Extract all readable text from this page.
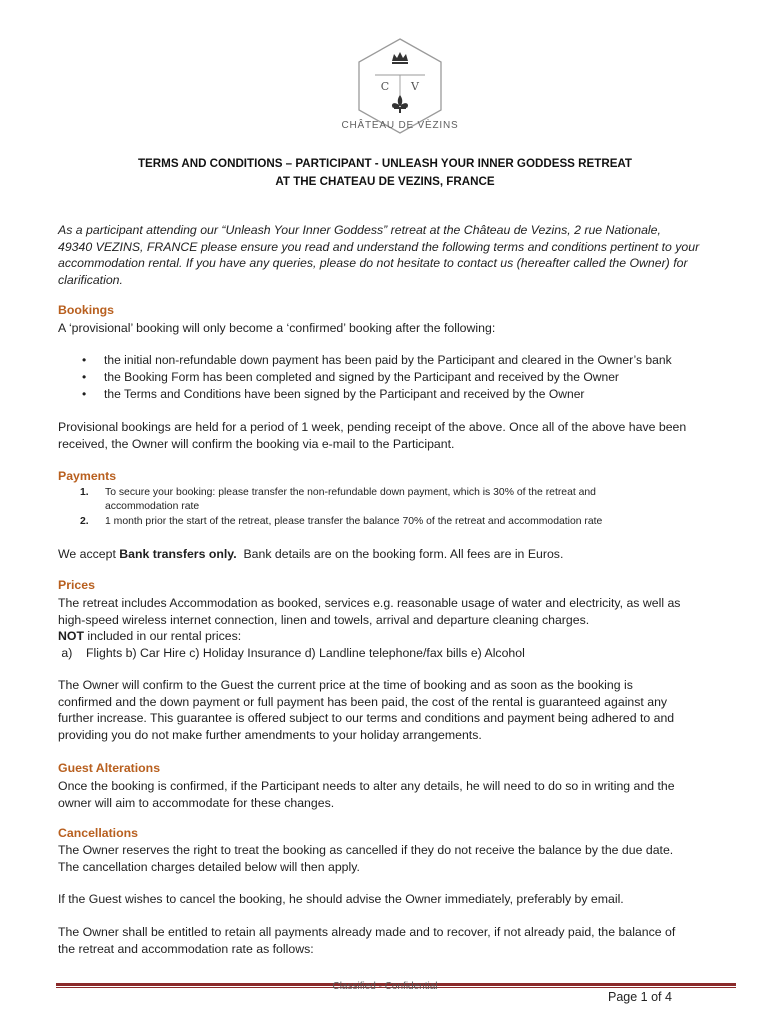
C V
CHÂTEAU DE VÈZINS
TERMS AND CONDITIONS – PARTICIPANT - UNLEASH YOUR INNER GODDESS RETREAT
AT THE CHATEAU DE VEZINS, FRANCE
As a participant attending our “Unleash Your Inner Goddess” retreat at the Château de Vezins, 2 rue Nationale,
49340 VEZINS, FRANCE please ensure you read and understand the following terms and conditions pertinent to your
accommodation rental. If you have any queries, please do not hesitate to contact us (hereafter called the Owner) for
clarification.
Bookings
A ‘provisional’ booking will only become a ‘confirmed’ booking after the following:
• the initial non-refundable down payment has been paid by the Participant and cleared in the Owner’s bank
• the Booking Form has been completed and signed by the Participant and received by the Owner
• the Terms and Conditions have been signed by the Participant and received by the Owner
Provisional bookings are held for a period of 1 week, pending receipt of the above. Once all of the above have been
received, the Owner will confirm the booking via e-mail to the Participant.
Payments
1.	To secure your booking: please transfer the non-refundable down payment, which is 30% of the retreat and
accommodation rate
2.	1 month prior the start of the retreat, please transfer the balance 70% of the retreat and accommodation rate
We accept Bank transfers only.  Bank details are on the booking form. All fees are in Euros.
Prices
The retreat includes Accommodation as booked, services e.g. reasonable usage of water and electricity, as well as
high-speed wireless internet connection, linen and towels, arrival and departure cleaning charges.
NOT included in our rental prices:
a)    Flights b) Car Hire c) Holiday Insurance d) Landline telephone/fax bills e) Alcohol
The Owner will confirm to the Guest the current price at the time of booking and as soon as the booking is
confirmed and the down payment or full payment has been paid, the cost of the rental is guaranteed against any
further increase. This guarantee is offered subject to our terms and conditions and payment being adhered to and
providing you do not make further amendments to your holiday arrangements.
Guest Alterations
Once the booking is confirmed, if the Participant needs to alter any details, he will need to do so in writing and the
owner will aim to accommodate for these changes.
Cancellations
The Owner reserves the right to treat the booking as cancelled if they do not receive the balance by the due date.
The cancellation charges detailed below will then apply.
If the Guest wishes to cancel the booking, he should advise the Owner immediately, preferably by email.
The Owner shall be entitled to retain all payments already made and to recover, if not already paid, the balance of
the retreat and accommodation rate as follows:
Classified - Confidential
Page 1 of 4
